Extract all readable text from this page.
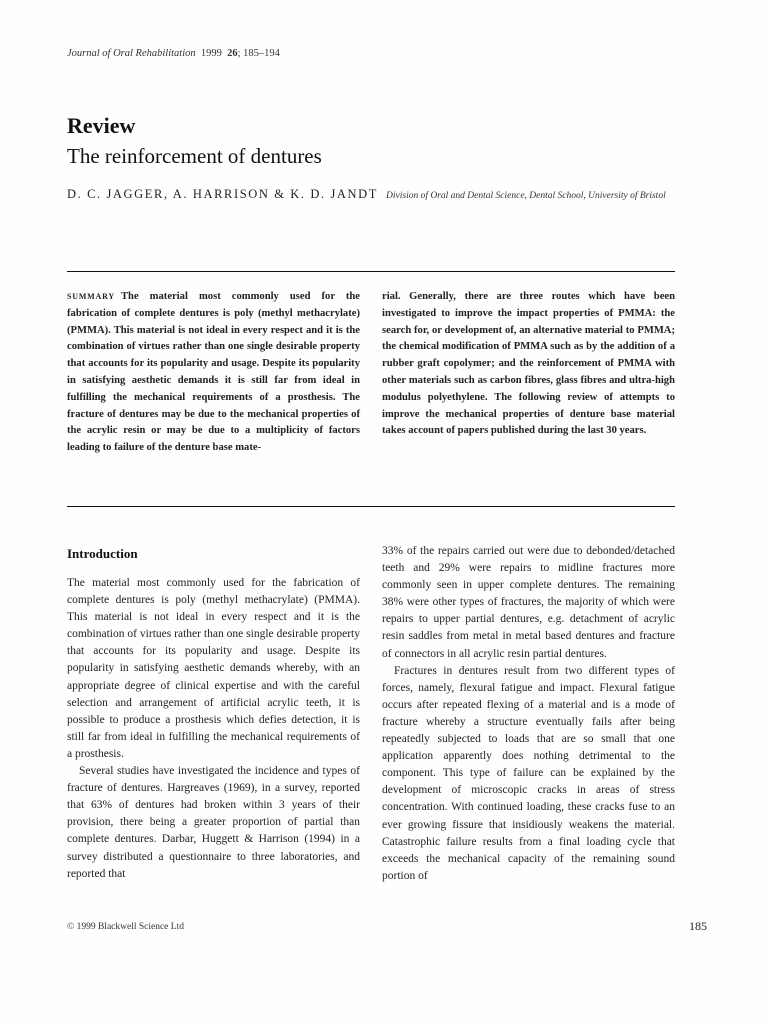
Journal of Oral Rehabilitation 1999 26; 185–194
Review
The reinforcement of dentures
D. C. JAGGER, A. HARRISON & K. D. JANDT Division of Oral and Dental Science, Dental School, University of Bristol

SUMMARY The material most commonly used for the fabrication of complete dentures is poly (methyl methacrylate) (PMMA). This material is not ideal in every respect and it is the combination of virtues rather than one single desirable property that accounts for its popularity and usage. Despite its popularity in satisfying aesthetic demands it is still far from ideal in fulfilling the mechanical requirements of a prosthesis. The fracture of dentures may be due to the mechanical properties of the acrylic resin or may be due to a multiplicity of factors leading to failure of the denture base mate-

rial. Generally, there are three routes which have been investigated to improve the impact properties of PMMA: the search for, or development of, an alternative material to PMMA; the chemical modification of PMMA such as by the addition of a rubber graft copolymer; and the reinforcement of PMMA with other materials such as carbon fibres, glass fibres and ultra-high modulus polyethylene. The following review of attempts to improve the mechanical properties of denture base material takes account of papers published during the last 30 years.

Introduction

The material most commonly used for the fabrication of complete dentures is poly (methyl methacrylate) (PMMA). This material is not ideal in every respect and it is the combination of virtues rather than one single desirable property that accounts for its popularity and usage. Despite its popularity in satisfying aesthetic demands whereby, with an appropriate degree of clinical expertise and with the careful selection and arrangement of artificial acrylic teeth, it is possible to produce a prosthesis which defies detection, it is still far from ideal in fulfilling the mechanical requirements of a prosthesis.

Several studies have investigated the incidence and types of fracture of dentures. Hargreaves (1969), in a survey, reported that 63% of dentures had broken within 3 years of their provision, there being a greater proportion of partial than complete dentures. Darbar, Huggett & Harrison (1994) in a survey distributed a questionnaire to three laboratories, and reported that

33% of the repairs carried out were due to debonded/detached teeth and 29% were repairs to midline fractures more commonly seen in upper complete dentures. The remaining 38% were other types of fractures, the majority of which were repairs to upper partial dentures, e.g. detachment of acrylic resin saddles from metal in metal based dentures and fracture of connectors in all acrylic resin partial dentures.

Fractures in dentures result from two different types of forces, namely, flexural fatigue and impact. Flexural fatigue occurs after repeated flexing of a material and is a mode of fracture whereby a structure eventually fails after being repeatedly subjected to loads that are so small that one application apparently does nothing detrimental to the component. This type of failure can be explained by the development of microscopic cracks in areas of stress concentration. With continued loading, these cracks fuse to an ever growing fissure that insidiously weakens the material. Catastrophic failure results from a final loading cycle that exceeds the mechanical capacity of the remaining sound portion of

© 1999 Blackwell Science Ltd	185
